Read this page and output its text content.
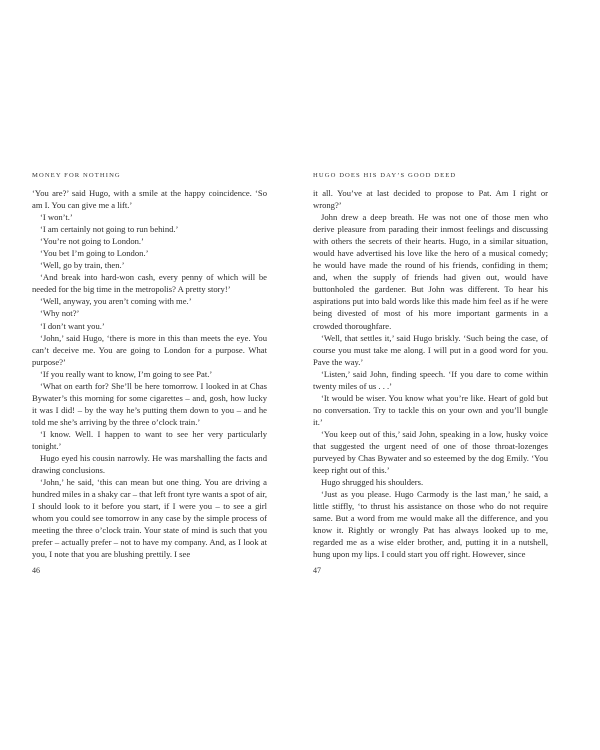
MONEY FOR NOTHING

‘You are?’ said Hugo, with a smile at the happy coincidence. ‘So am I. You can give me a lift.’

‘I won’t.’

‘I am certainly not going to run behind.’

‘You’re not going to London.’

‘You bet I’m going to London.’

‘Well, go by train, then.’

‘And break into hard-won cash, every penny of which will be needed for the big time in the metropolis? A pretty story!’

‘Well, anyway, you aren’t coming with me.’

‘Why not?’

‘I don’t want you.’

‘John,’ said Hugo, ‘there is more in this than meets the eye. You can’t deceive me. You are going to London for a purpose. What purpose?’

‘If you really want to know, I’m going to see Pat.’

‘What on earth for? She’ll be here tomorrow. I looked in at Chas Bywater’s this morning for some cigarettes – and, gosh, how lucky it was I did! – by the way he’s putting them down to you – and he told me she’s arriving by the three o’clock train.’

‘I know. Well. I happen to want to see her very particularly tonight.’

Hugo eyed his cousin narrowly. He was marshalling the facts and drawing conclusions.

‘John,’ he said, ‘this can mean but one thing. You are driving a hundred miles in a shaky car – that left front tyre wants a spot of air, I should look to it before you start, if I were you – to see a girl whom you could see tomorrow in any case by the simple process of meeting the three o’clock train. Your state of mind is such that you prefer – actually prefer – not to have my company. And, as I look at you, I note that you are blushing prettily. I see

46
HUGO DOES HIS DAY’S GOOD DEED

it all. You’ve at last decided to propose to Pat. Am I right or wrong?’

John drew a deep breath. He was not one of those men who derive pleasure from parading their inmost feelings and discussing with others the secrets of their hearts. Hugo, in a similar situation, would have advertised his love like the hero of a musical comedy; he would have made the round of his friends, confiding in them; and, when the supply of friends had given out, would have buttonholed the gardener. But John was different. To hear his aspirations put into bald words like this made him feel as if he were being divested of most of his more important garments in a crowded thoroughfare.

‘Well, that settles it,’ said Hugo briskly. ‘Such being the case, of course you must take me along. I will put in a good word for you. Pave the way.’

‘Listen,’ said John, finding speech. ‘If you dare to come within twenty miles of us . . .’

‘It would be wiser. You know what you’re like. Heart of gold but no conversation. Try to tackle this on your own and you’ll bungle it.’

‘You keep out of this,’ said John, speaking in a low, husky voice that suggested the urgent need of one of those throat-lozenges purveyed by Chas Bywater and so esteemed by the dog Emily. ‘You keep right out of this.’

Hugo shrugged his shoulders.

‘Just as you please. Hugo Carmody is the last man,’ he said, a little stiffly, ‘to thrust his assistance on those who do not require same. But a word from me would make all the difference, and you know it. Rightly or wrongly Pat has always looked up to me, regarded me as a wise elder brother, and, putting it in a nutshell, hung upon my lips. I could start you off right. However, since

47
